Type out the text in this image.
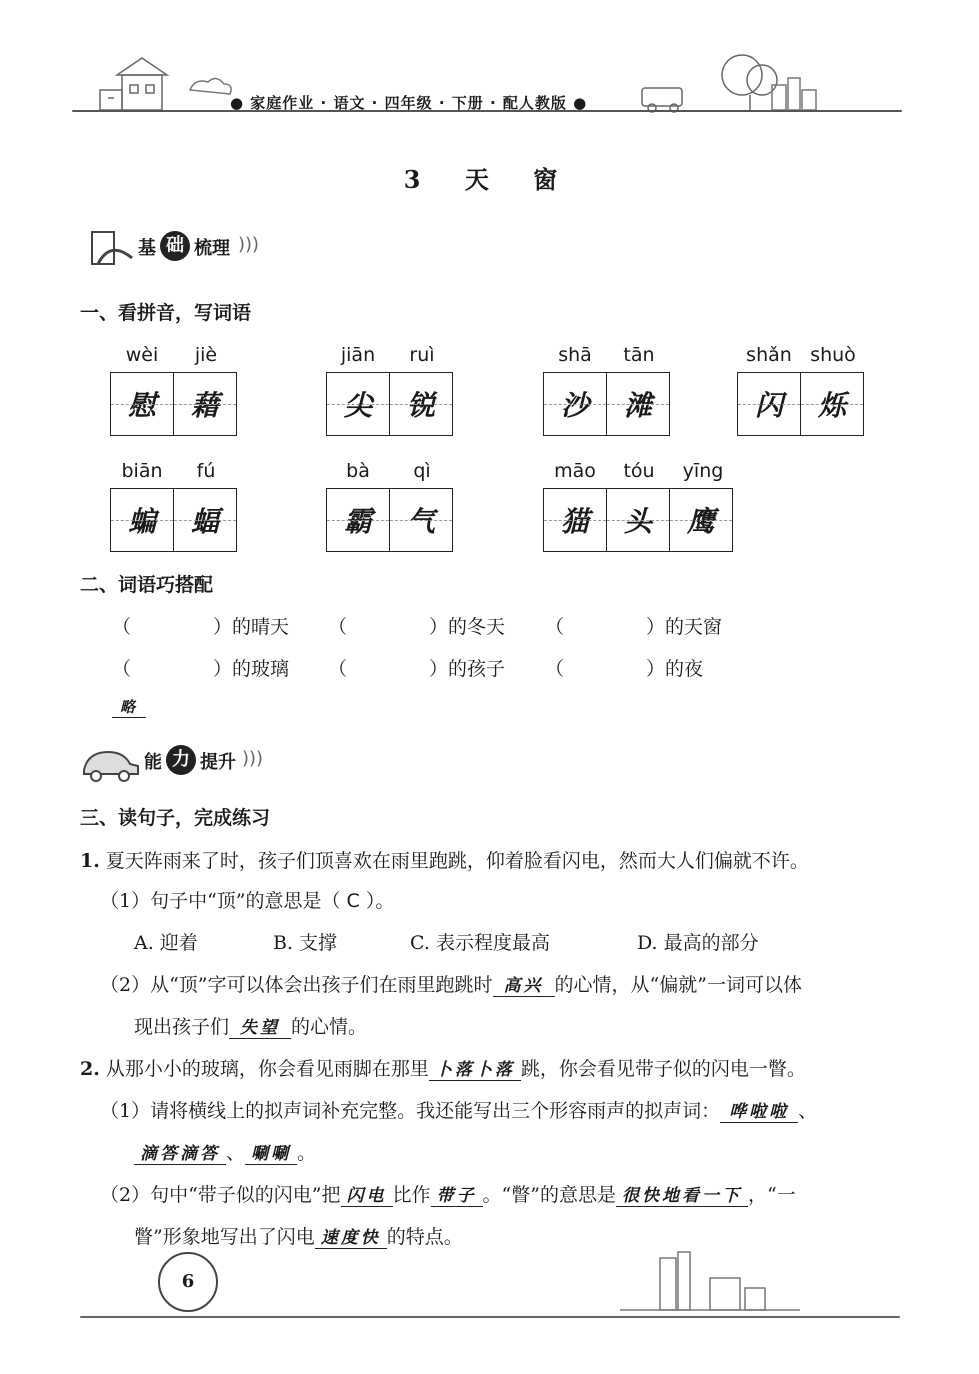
● 家庭作业 · 语文 · 四年级 · 下册 · 配人教版 ●
3 天 窗
基 础 梳理 )))
一、看拼音，写词语
wèi	jiè
慰	藉
jiān	ruì
尖	锐
shā	tān
沙	滩
shǎn shuò
闪	烁
biān	fú
蝙	蝠
bà	qì
霸	气
māo	tóu	yīng
猫	头	鹰
二、词语巧搭配
（	）的晴天 （	）的冬天 （	）的天窗
（	）的玻璃 （	）的孩子 （	）的夜
略
能 力 提升 )))
三、读句子，完成练习
1. 夏天阵雨来了时，孩子们顶喜欢在雨里跑跳，仰着脸看闪电，然而大人们偏就不许。
（1）句子中“顶”的意思是（ C ）。
A. 迎着	B. 支撑	C. 表示程度最高	D. 最高的部分
（2）从“顶”字可以体会出孩子们在雨里跑跳时 高兴 的心情，从“偏就”一词可以体
现出孩子们 失望 的心情。
2. 从那小小的玻璃，你会看见雨脚在那里 卜落卜落 跳，你会看见带子似的闪电一瞥。
（1）请将横线上的拟声词补充完整。我还能写出三个形容雨声的拟声词： 哗啦啦 、
滴答滴答 、 唰唰 。
（2）句中“带子似的闪电”把 闪电 比作 带子 。“瞥”的意思是 很快地看一下 ，“一
瞥”形象地写出了闪电 速度快 的特点。
6
